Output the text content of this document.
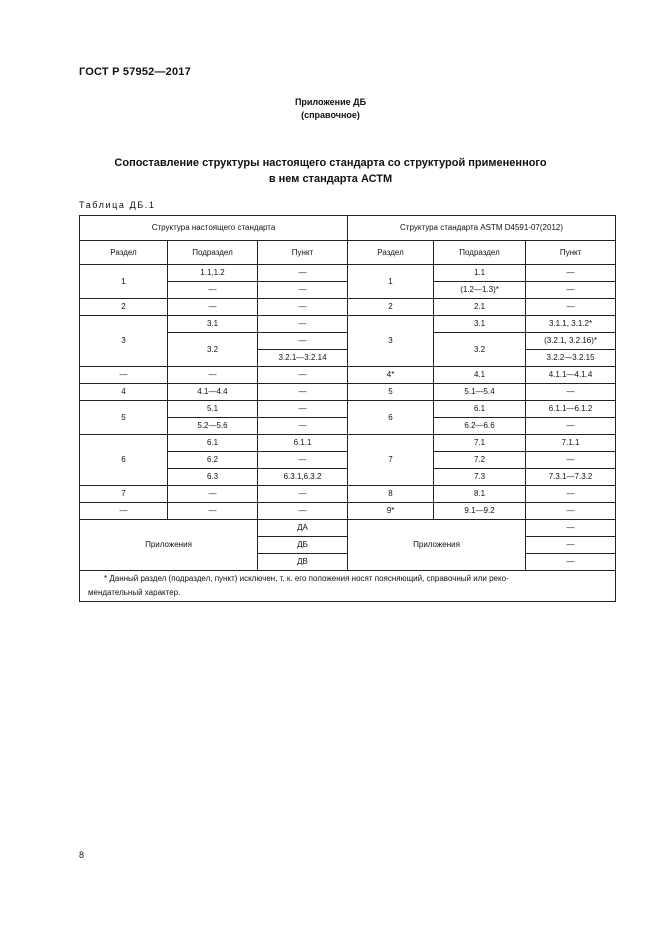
ГОСТ Р 57952—2017
Приложение ДБ
(справочное)
Сопоставление структуры настоящего стандарта со структурой примененного
в нем стандарта АСТМ
Таблица ДБ.1
Структура настоящего стандарта			Структура стандарта ASTM D4591-07(2012)		
Раздел	Подраздел	Пункт	Раздел	Подраздел	Пункт
1	1.1,1.2	—	1	1.1	—
	—	—		(1.2—1.3)*	—
2	—	—	2	2.1	—
3	3.1	—	3	3.1	3.1.1, 3.1.2*
	3.2	—		3.2	(3.2.1, 3.2.16)*
		3.2.1—3.2.14			3.2.2—3.2.15
—	—	—	4*	4.1	4.1.1—4.1.4
4	4.1—4.4	—	5	5.1—5.4	—
5	5.1	—	6	6.1	6.1.1—6.1.2
	5.2—5.6	—		6.2—6.6	—
6	6.1	6.1.1	7	7.1	7.1.1
	6.2	—		7.2	—
	6.3	6.3.1,6.3.2		7.3	7.3.1—7.3.2
7	—	—	8	8.1	—
—	—	—	9*	9.1—9.2	—
Приложения		ДА	Приложения		—
		ДБ			—
		ДВ			—

* Данный раздел (подраздел, пункт) исключен, т. к. его положения носят поясняющий, справочный или реко-
мендательный характер.					
8
